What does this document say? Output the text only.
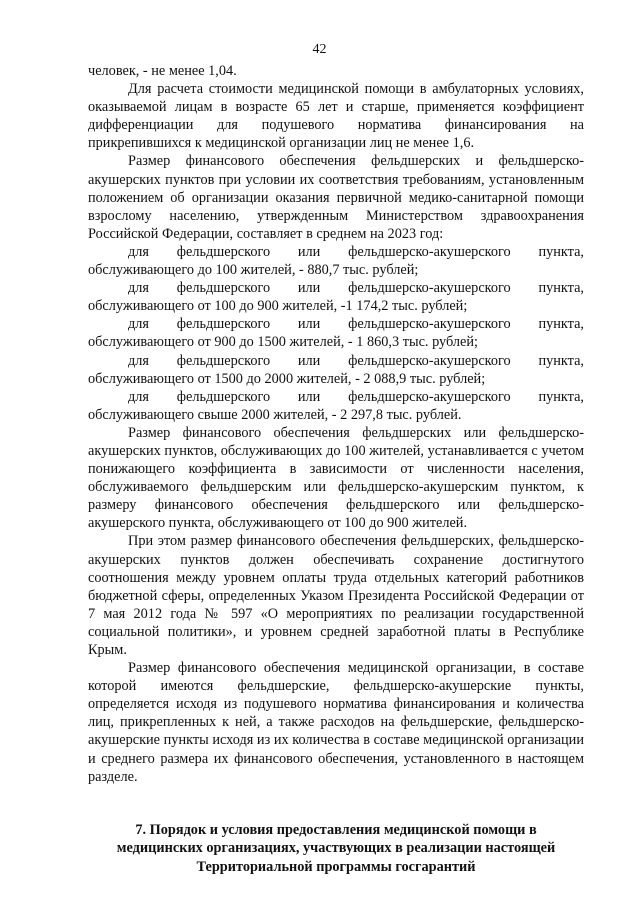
42

человек, - не менее 1,04.

Для расчета стоимости медицинской помощи в амбулаторных условиях, оказываемой лицам в возрасте 65 лет и старше, применяется коэффициент дифференциации для подушевого норматива финансирования на прикрепившихся к медицинской организации лиц не менее 1,6.

Размер финансового обеспечения фельдшерских и фельдшерско-акушерских пунктов при условии их соответствия требованиям, установленным положением об организации оказания первичной медико-санитарной помощи взрослому населению, утвержденным Министерством здравоохранения Российской Федерации, составляет в среднем на 2023 год:

для фельдшерского или фельдшерско-акушерского пункта, обслуживающего до 100 жителей, - 880,7 тыс. рублей;

для фельдшерского или фельдшерско-акушерского пункта, обслуживающего от 100 до 900 жителей, -1 174,2 тыс. рублей;

для фельдшерского или фельдшерско-акушерского пункта, обслуживающего от 900 до 1500 жителей, - 1 860,3 тыс. рублей;

для фельдшерского или фельдшерско-акушерского пункта, обслуживающего от 1500 до 2000 жителей, - 2 088,9 тыс. рублей;

для фельдшерского или фельдшерско-акушерского пункта, обслуживающего свыше 2000 жителей, - 2 297,8 тыс. рублей.

Размер финансового обеспечения фельдшерских или фельдшерско-акушерских пунктов, обслуживающих до 100 жителей, устанавливается с учетом понижающего коэффициента в зависимости от численности населения, обслуживаемого фельдшерским или фельдшерско-акушерским пунктом, к размеру финансового обеспечения фельдшерского или фельдшерско-акушерского пункта, обслуживающего от 100 до 900 жителей.

При этом размер финансового обеспечения фельдшерских, фельдшерско-акушерских пунктов должен обеспечивать сохранение достигнутого соотношения между уровнем оплаты труда отдельных категорий работников бюджетной сферы, определенных Указом Президента Российской Федерации от 7 мая 2012 года № 597 «О мероприятиях по реализации государственной социальной политики», и уровнем средней заработной платы в Республике Крым.

Размер финансового обеспечения медицинской организации, в составе которой имеются фельдшерские, фельдшерско-акушерские пункты, определяется исходя из подушевого норматива финансирования и количества лиц, прикрепленных к ней, а также расходов на фельдшерские, фельдшерско-акушерские пункты исходя из их количества в составе медицинской организации и среднего размера их финансового обеспечения, установленного в настоящем разделе.

7. Порядок и условия предоставления медицинской помощи в
медицинских организациях, участвующих в реализации настоящей
Территориальной программы госгарантий
